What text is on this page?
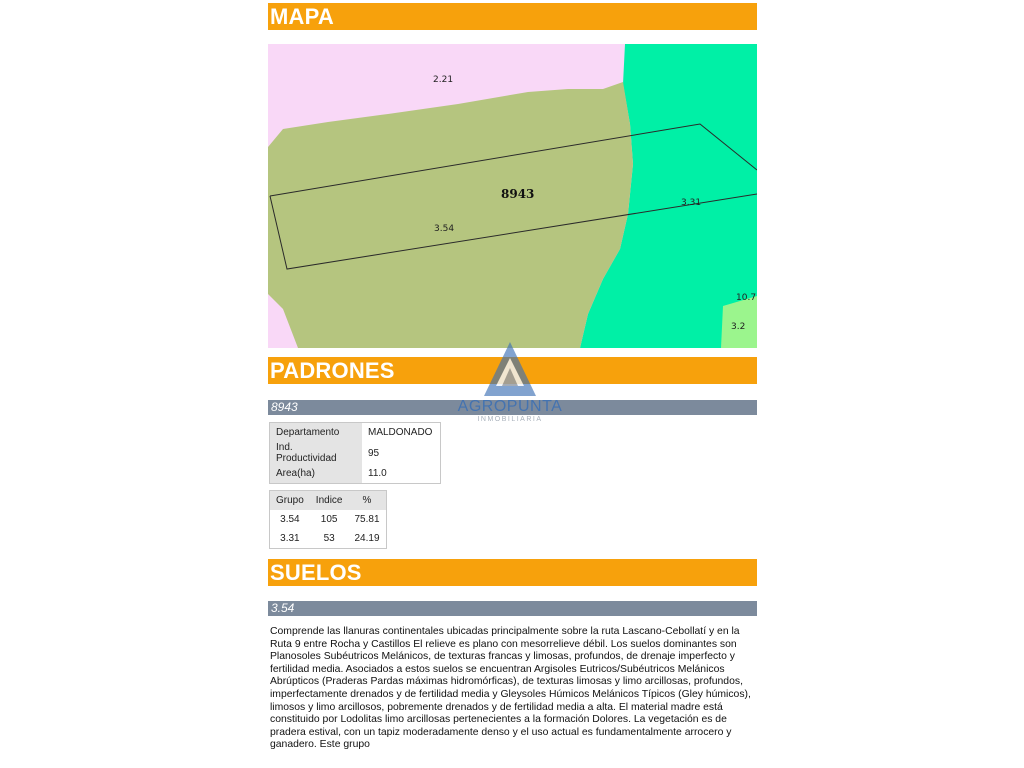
MAPA
2.21
8943
3.54
3.31
10.7
3.2
PADRONES
8943
Departamento	MALDONADO
Ind. Productividad	95
Area(ha)	11.0
Grupo	Indice	%
3.54	105	75.81
3.31	53	24.19
SUELOS
3.54
Comprende las llanuras continentales ubicadas principalmente sobre la ruta Lascano-Cebollatí y en la Ruta 9 entre Rocha y Castillos El relieve es plano con mesorrelieve débil. Los suelos dominantes son Planosoles Subéutricos Melánicos, de texturas francas y limosas, profundos, de drenaje imperfecto y fertilidad media. Asociados a estos suelos se encuentran Argisoles Eutricos/Subéutricos Melánicos Abrúpticos (Praderas Pardas máximas hidromórficas), de texturas limosas y limo arcillosas, profundos, imperfectamente drenados y de fertilidad media y Gleysoles Húmicos Melánicos Típicos (Gley húmicos), limosos y limo arcillosos, pobremente drenados y de fertilidad media a alta. El material madre está constituido por Lodolitas limo arcillosas pertenecientes a la formación Dolores. La vegetación es de pradera estival, con un tapiz moderadamente denso y el uso actual es fundamentalmente arrocero y ganadero. Este grupo
AGROPUNTA
INMOBILIARIA
